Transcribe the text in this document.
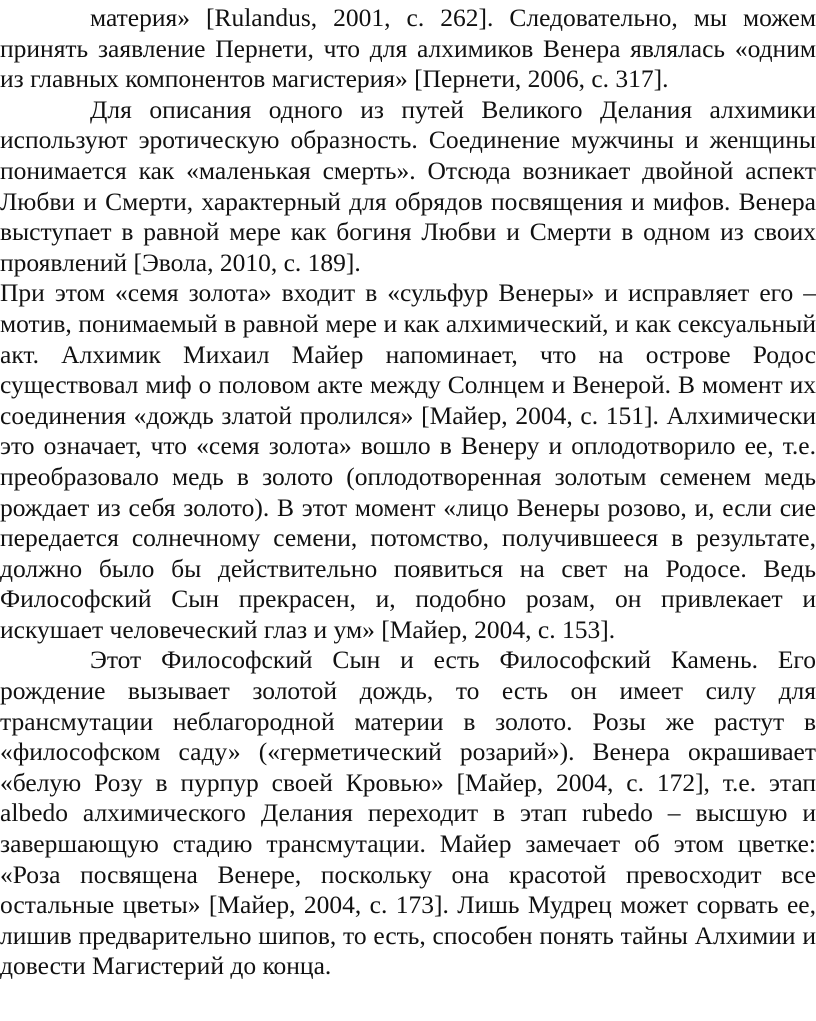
материя» [Rulandus, 2001, с. 262]. Следовательно, мы можем принять заявление Пернети, что для алхимиков Венера являлась «одним из главных компонентов магистерия» [Пернети, 2006, с. 317].

Для описания одного из путей Великого Делания алхимики используют эротическую образность. Соединение мужчины и женщины понимается как «маленькая смерть». Отсюда возникает двойной аспект Любви и Смерти, характерный для обрядов посвящения и мифов. Венера выступает в равной мере как богиня Любви и Смерти в одном из своих проявлений [Эвола, 2010, с. 189].

При этом «семя золота» входит в «сульфур Венеры» и исправляет его – мотив, понимаемый в равной мере и как алхимический, и как сексуальный акт. Алхимик Михаил Майер напоминает, что на острове Родос существовал миф о половом акте между Солнцем и Венерой. В момент их соединения «дождь златой пролился» [Майер, 2004, с. 151]. Алхимически это означает, что «семя золота» вошло в Венеру и оплодотворило ее, т.е. преобразовало медь в золото (оплодотворенная золотым семенем медь рождает из себя золото). В этот момент «лицо Венеры розово, и, если сие передается солнечному семени, потомство, получившееся в результате, должно было бы действительно появиться на свет на Родосе. Ведь Философский Сын прекрасен, и, подобно розам, он привлекает и искушает человеческий глаз и ум» [Майер, 2004, с. 153].

Этот Философский Сын и есть Философский Камень. Его рождение вызывает золотой дождь, то есть он имеет силу для трансмутации неблагородной материи в золото. Розы же растут в «философском саду» («герметический розарий»). Венера окрашивает «белую Розу в пурпур своей Кровью» [Майер, 2004, с. 172], т.е. этап albedo алхимического Делания переходит в этап rubedo – высшую и завершающую стадию трансмутации. Майер замечает об этом цветке: «Роза посвящена Венере, поскольку она красотой превосходит все остальные цветы» [Майер, 2004, с. 173]. Лишь Мудрец может сорвать ее, лишив предварительно шипов, то есть, способен понять тайны Алхимии и довести Магистерий до конца.
